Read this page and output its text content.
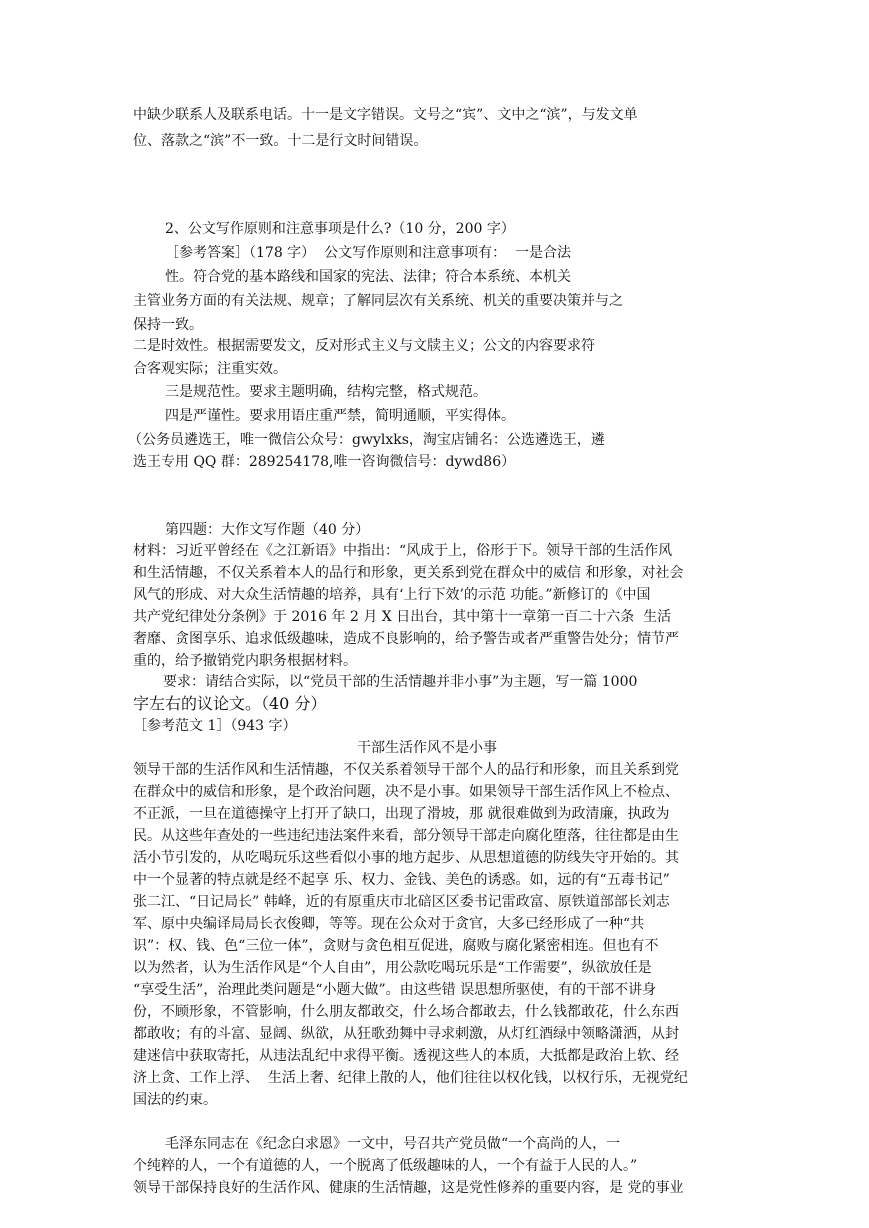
中缺少联系人及联系电话。十一是文字错误。文号之“宾”、文中之“滨”，与发文单
位、落款之“滨”不一致。十二是行文时间错误。
2、公文写作原则和注意事项是什么?（10 分，200 字）
［参考答案］（178 字）  公文写作原则和注意事项有：  一是合法
性。符合党的基本路线和国家的宪法、法律；符合本系统、本机关
主管业务方面的有关法规、规章；了解同层次有关系统、机关的重要决策并与之
保持一致。
二是时效性。根据需要发文，反对形式主义与文牍主义；公文的内容要求符
合客观实际；注重实效。
三是规范性。要求主题明确，结构完整，格式规范。
四是严谨性。要求用语庄重严禁，简明通顺，平实得体。
（公务员遴选王，唯一微信公众号：gwylxks，淘宝店铺名：公选遴选王，遴
选王专用 QQ 群：289254178,唯一咨询微信号：dywd86）
第四题：大作文写作题（40 分）
材料：习近平曾经在《之江新语》中指出：“风成于上，俗形于下。领导干部的生活作风
和生活情趣，不仅关系着本人的品行和形象，更关系到党在群众中的威信 和形象，对社会
风气的形成、对大众生活情趣的培养，具有‘上行下效’的示范 功能。”新修订的《中国
共产党纪律处分条例》于 2016 年 2 月 X 日出台，其中第十一章第一百二十六条  生活
奢靡、贪图享乐、追求低级趣味，造成不良影响的，给予警告或者严重警告处分；情节严
重的，给予撤销党内职务根据材料。
要求：请结合实际，以“党员干部的生活情趣并非小事”为主题，写一篇 1000
字左右的议论文。（40 分）
［参考范文 1］（943 字）
干部生活作风不是小事
领导干部的生活作风和生活情趣，不仅关系着领导干部个人的品行和形象，而且关系到党
在群众中的威信和形象，是个政治问题，决不是小事。如果领导干部生活作风上不检点、
不正派，一旦在道德操守上打开了缺口，出现了滑坡，那 就很难做到为政清廉，执政为
民。从这些年查处的一些违纪违法案件来看，部分领导干部走向腐化堕落，往往都是由生
活小节引发的，从吃喝玩乐这些看似小事的地方起步、从思想道德的防线失守开始的。其
中一个显著的特点就是经不起享 乐、权力、金钱、美色的诱惑。如，远的有“五毒书记”
张二江、“日记局长” 韩峰，近的有原重庆市北碚区区委书记雷政富、原铁道部部长刘志
军、原中央编译局局长衣俊卿，等等。现在公众对于贪官，大多已经形成了一种“共
识”：权、钱、色“三位一体”，贪财与贪色相互促进，腐败与腐化紧密相连。但也有不
以为然者，认为生活作风是“个人自由”，用公款吃喝玩乐是“工作需要”，纵欲放任是
“享受生活”，治理此类问题是“小题大做”。由这些错 误思想所驱使，有的干部不讲身
份，不顾形象，不管影响，什么朋友都敢交，什么场合都敢去，什么钱都敢花，什么东西
都敢收；有的斗富、显阔、纵欲，从狂歌劲舞中寻求刺激，从灯红酒绿中领略潇洒，从封
建迷信中获取寄托，从违法乱纪中求得平衡。透视这些人的本质，大抵都是政治上软、经
济上贪、工作上浮、  生活上奢、纪律上散的人，他们往往以权化钱，以权行乐，无视党纪
国法的约束。
毛泽东同志在《纪念白求恩》一文中，号召共产党员做“一个高尚的人，一
个纯粹的人，一个有道德的人，一个脱离了低级趣味的人，一个有益于人民的人。”
领导干部保持良好的生活作风、健康的生活情趣，这是党性修养的重要内容，是 党的事业
